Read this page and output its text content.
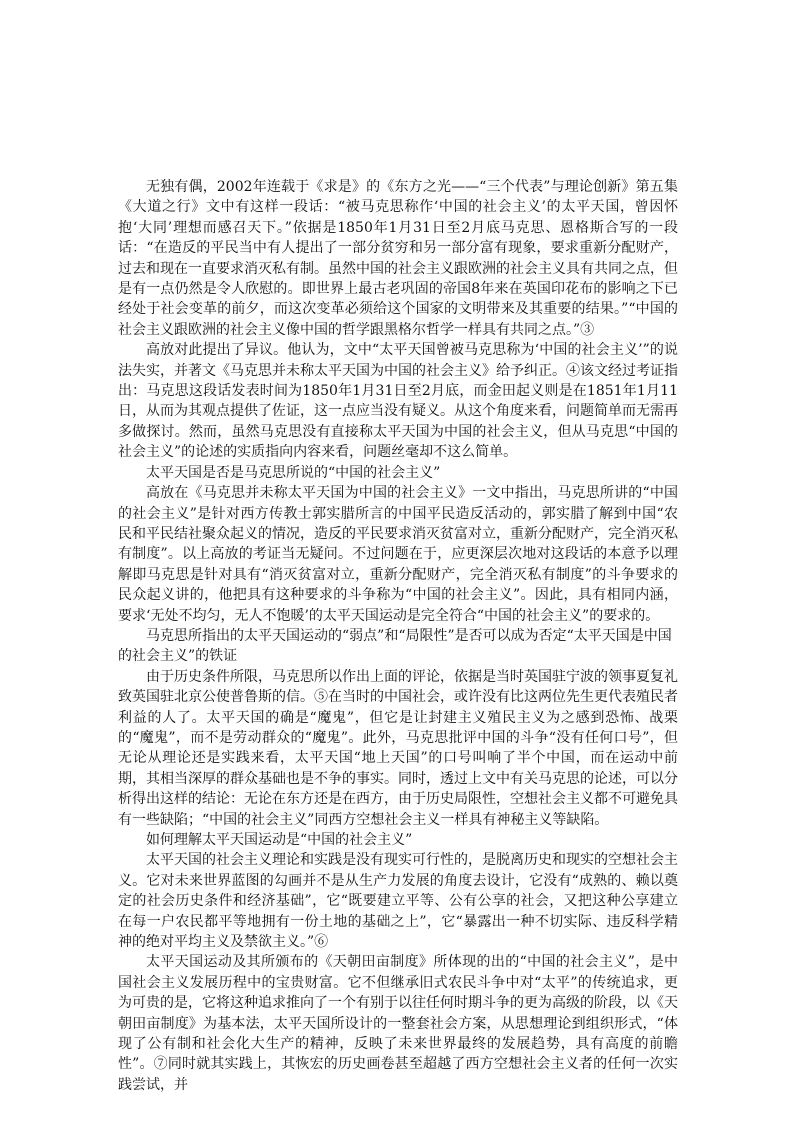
无独有偶，2002年连载于《求是》的《东方之光——“三个代表”与理论创新》第五集《大道之行》文中有这样一段话：“被马克思称作‘中国的社会主义’的太平天国，曾因怀抱‘大同’理想而感召天下。”依据是1850年1月31日至2月底马克思、恩格斯合写的一段话：“在造反的平民当中有人提出了一部分贫穷和另一部分富有现象，要求重新分配财产，过去和现在一直要求消灭私有制。虽然中国的社会主义跟欧洲的社会主义具有共同之点，但是有一点仍然是令人欣慰的。即世界上最古老巩固的帝国8年来在英国印花布的影响之下已经处于社会变革的前夕，而这次变革必须给这个国家的文明带来及其重要的结果。”“中国的社会主义跟欧洲的社会主义像中国的哲学跟黑格尔哲学一样具有共同之点。”③

高放对此提出了异议。他认为，文中“太平天国曾被马克思称为‘中国的社会主义’”的说法失实，并著文《马克思并未称太平天国为中国的社会主义》给予纠正。④该文经过考证指出：马克思这段话发表时间为1850年1月31日至2月底，而金田起义则是在1851年1月11日，从而为其观点提供了佐证，这一点应当没有疑义。从这个角度来看，问题简单而无需再多做探讨。然而，虽然马克思没有直接称太平天国为中国的社会主义，但从马克思“中国的社会主义”的论述的实质指向内容来看，问题丝毫却不这么简单。

太平天国是否是马克思所说的“中国的社会主义”

高放在《马克思并未称太平天国为中国的社会主义》一文中指出，马克思所讲的“中国的社会主义”是针对西方传教士郭实腊所言的中国平民造反活动的，郭实腊了解到中国“农民和平民结社聚众起义的情况，造反的平民要求消灭贫富对立，重新分配财产，完全消灭私有制度”。以上高放的考证当无疑问。不过问题在于，应更深层次地对这段话的本意予以理解即马克思是针对具有“消灭贫富对立，重新分配财产，完全消灭私有制度”的斗争要求的民众起义讲的，他把具有这种要求的斗争称为“中国的社会主义”。因此，具有相同内涵，要求‘无处不均匀，无人不饱暖’的太平天国运动是完全符合“中国的社会主义”的要求的。

马克思所指出的太平天国运动的“弱点”和“局限性”是否可以成为否定“太平天国是中国的社会主义”的铁证

由于历史条件所限，马克思所以作出上面的评论，依据是当时英国驻宁波的领事夏复礼致英国驻北京公使普鲁斯的信。⑤在当时的中国社会，或许没有比这两位先生更代表殖民者利益的人了。太平天国的确是“魔鬼”，但它是让封建主义殖民主义为之感到恐怖、战栗的“魔鬼”，而不是劳动群众的“魔鬼”。此外，马克思批评中国的斗争“没有任何口号”，但无论从理论还是实践来看，太平天国“地上天国”的口号叫响了半个中国，而在运动中前期，其相当深厚的群众基础也是不争的事实。同时，透过上文中有关马克思的论述，可以分析得出这样的结论：无论在东方还是在西方，由于历史局限性，空想社会主义都不可避免具有一些缺陷；“中国的社会主义”同西方空想社会主义一样具有神秘主义等缺陷。

如何理解太平天国运动是“中国的社会主义”

太平天国的社会主义理论和实践是没有现实可行性的，是脱离历史和现实的空想社会主义。它对未来世界蓝图的勾画并不是从生产力发展的角度去设计，它没有“成熟的、赖以奠定的社会历史条件和经济基础”，它“既要建立平等、公有公享的社会，又把这种公享建立在每一户农民都平等地拥有一份土地的基础之上”，它“暴露出一种不切实际、违反科学精神的绝对平均主义及禁欲主义。”⑥

太平天国运动及其所颁布的《天朝田亩制度》所体现的出的“中国的社会主义”，是中国社会主义发展历程中的宝贵财富。它不但继承旧式农民斗争中对“太平”的传统追求，更为可贵的是，它将这种追求推向了一个有别于以往任何时期斗争的更为高级的阶段，以《天朝田亩制度》为基本法，太平天国所设计的一整套社会方案，从思想理论到组织形式，“体现了公有制和社会化大生产的精神，反映了未来世界最终的发展趋势，具有高度的前瞻性”。⑦同时就其实践上，其恢宏的历史画卷甚至超越了西方空想社会主义者的任何一次实践尝试，并
